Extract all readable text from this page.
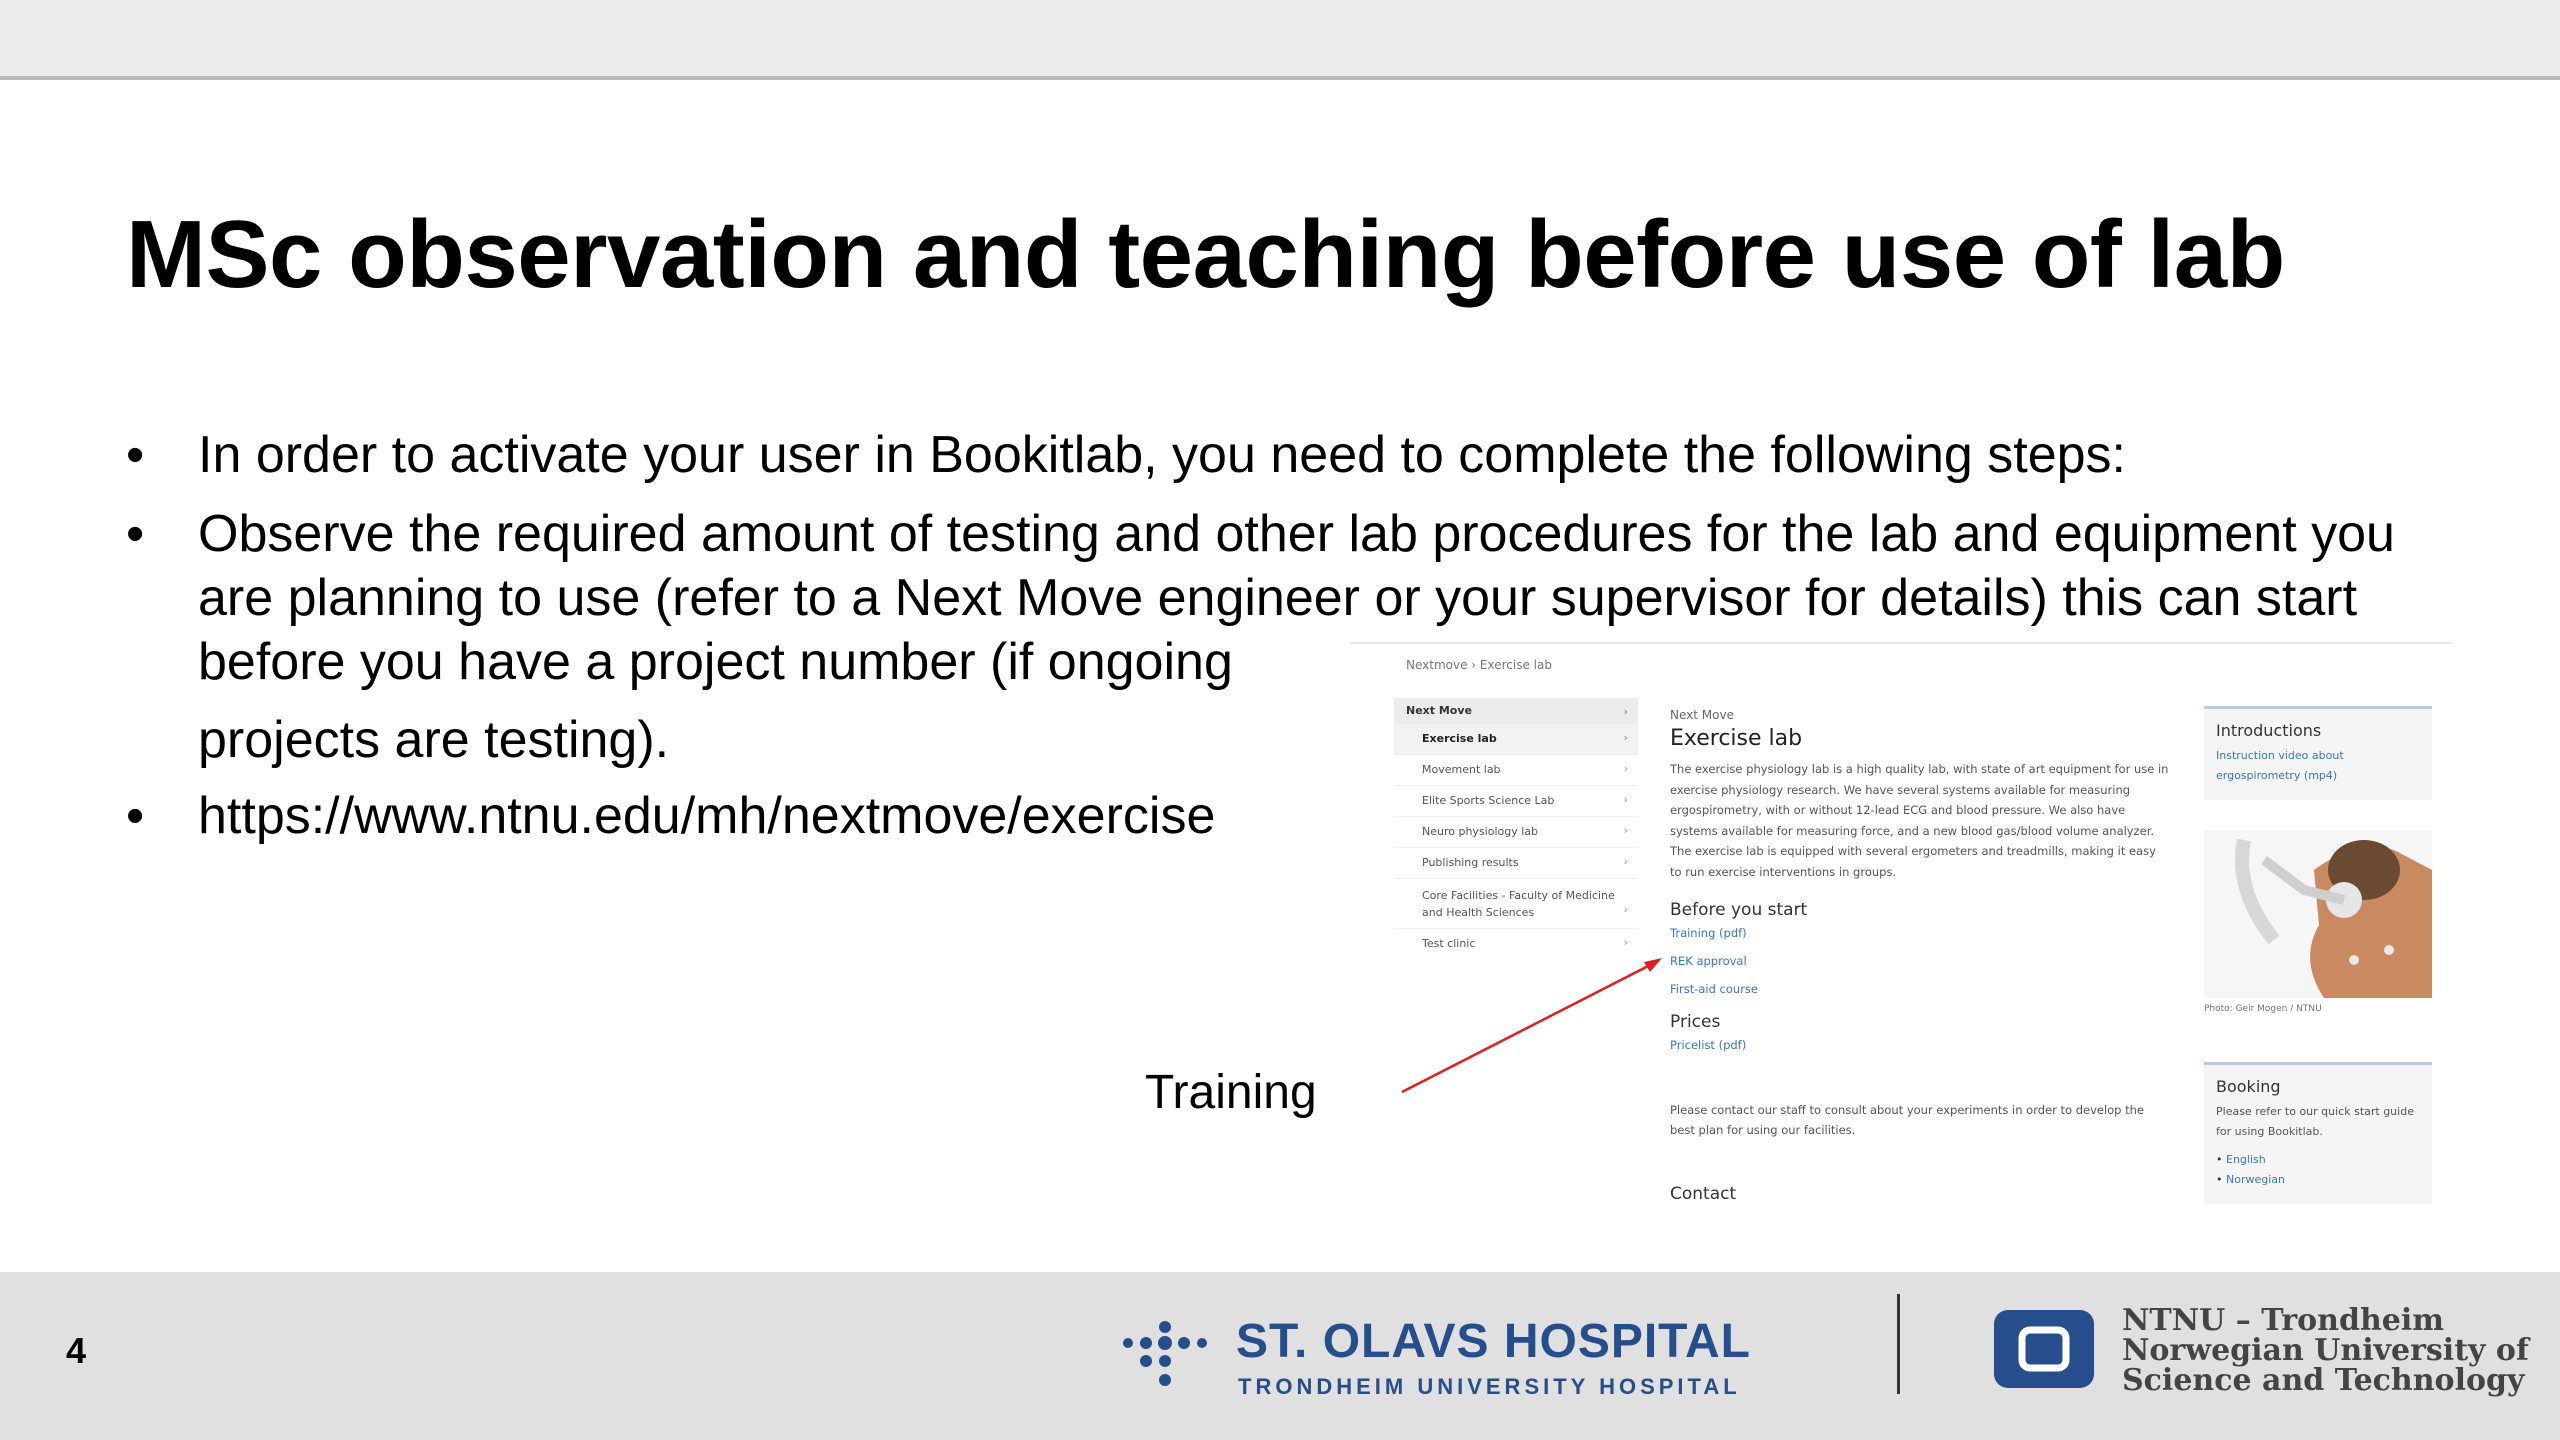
MSc observation and teaching before use of lab
• In order to activate your user in Bookitlab, you need to complete the following steps:
• Observe the required amount of testing and other lab procedures for the lab and equipment you
are planning to use (refer to a Next Move engineer or your supervisor for details) this can start
before you have a project number (if ongoing
projects are testing).
• https://www.ntnu.edu/mh/nextmove/exercise
Nextmove › Exercise lab
Next Move	›
Exercise lab	›
Movement lab	›
Elite Sports Science Lab	›
Neuro physiology lab	›
Publishing results	›
Core Facilities - Faculty of Medicine and Health Sciences	›
Test clinic	›
Next Move
Exercise lab
The exercise physiology lab is a high quality lab, with state of art equipment for use in exercise physiology research. We have several systems available for measuring ergospirometry, with or without 12-lead ECG and blood pressure. We also have systems available for measuring force, and a new blood gas/blood volume analyzer. The exercise lab is equipped with several ergometers and treadmills, making it easy to run exercise interventions in groups.
Before you start
Training (pdf)
REK approval
First-aid course
Prices
Pricelist (pdf)
Please contact our staff to consult about your experiments in order to develop the best plan for using our facilities.
Contact
Introductions
Instruction video about ergospirometry (mp4)
Photo: Geir Mogen / NTNU
Booking
Please refer to our quick start guide for using Bookitlab.
• English
• Norwegian
Training
4	ST. OLAVS HOSPITAL
TRONDHEIM UNIVERSITY HOSPITAL
NTNU – Trondheim
Norwegian University of
Science and Technology
